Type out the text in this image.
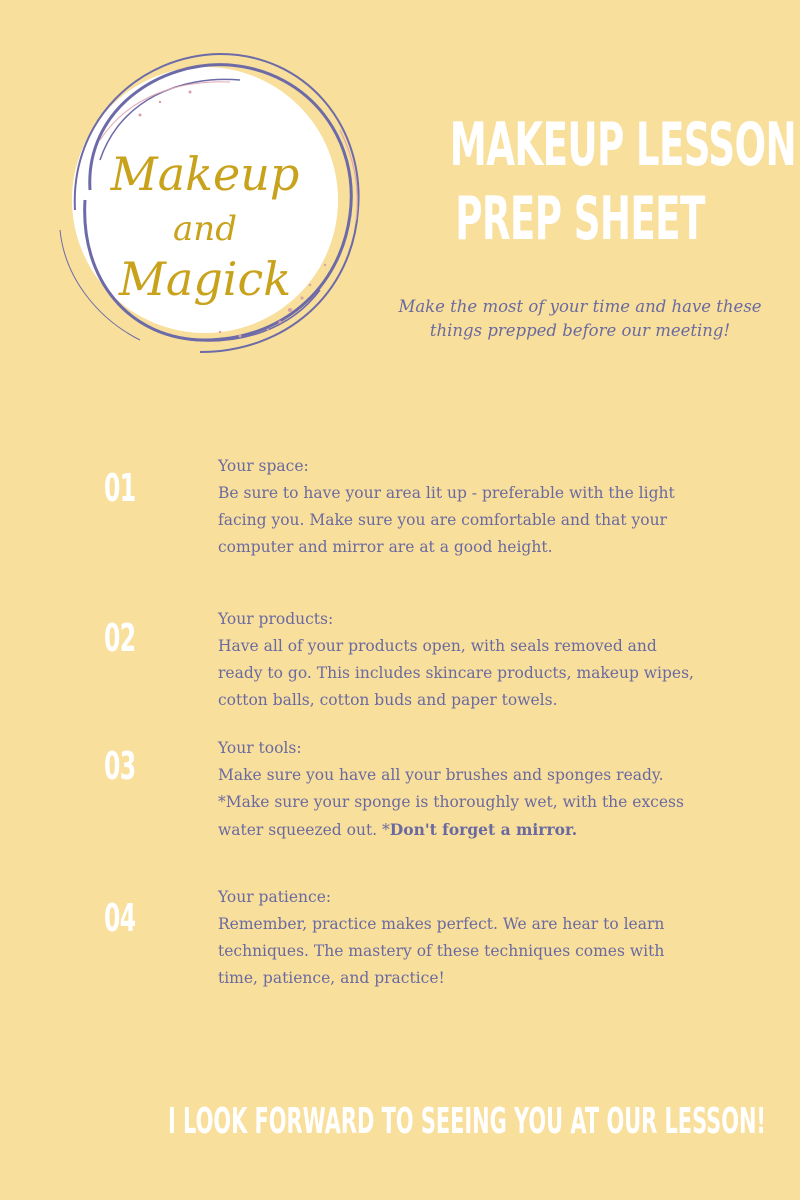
Makeup
and
Magick
MAKEUP LESSON
PREP SHEET
Make the most of your time and have these things prepped before our meeting!
01	Your space:
Be sure to have your area lit up - preferable with the light facing you. Make sure you are comfortable and that your computer and mirror are at a good height.
02	Your products:
Have all of your products open, with seals removed and ready to go. This includes skincare products, makeup wipes, cotton balls, cotton buds and paper towels.
03	Your tools:
Make sure you have all your brushes and sponges ready. *Make sure your sponge is thoroughly wet, with the excess water squeezed out. *Don't forget a mirror.
04	Your patience:
Remember, practice makes perfect. We are hear to learn techniques. The mastery of these techniques comes with time, patience, and practice!
I LOOK FORWARD TO SEEING YOU AT OUR LESSON!
